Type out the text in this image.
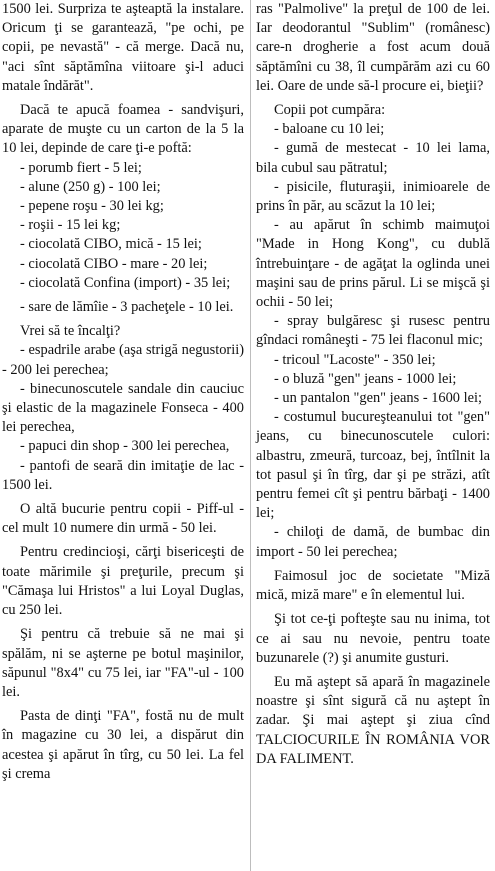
1500 lei. Surpriza te aşteaptă la instalare. Oricum ţi se garantează, "pe ochi, pe copii, pe nevastă" - că merge. Dacă nu, "aci sînt săptămîna viitoare şi-l aduci matale îndărăt".

Dacă te apucă foamea - sandvişuri, aparate de muşte cu un carton de la 5 la 10 lei, depinde de care ţi-e poftă:

- porumb fiert - 5 lei;

- alune (250 g) - 100 lei;

- pepene roşu - 30 lei kg;

- roşii - 15 lei kg;

- ciocolată CIBO, mică - 15 lei;

- ciocolată CIBO - mare - 20 lei;

- ciocolată Confina (import) - 35 lei;

- sare de lămîie - 3 pacheţele - 10 lei.

Vrei să te încalţi?

- espadrile arabe (aşa strigă negustorii) - 200 lei perechea;

- binecunoscutele sandale din cauciuc şi elastic de la magazinele Fonseca - 400 lei perechea,

- papuci din shop - 300 lei perechea,

- pantofi de seară din imitaţie de lac - 1500 lei.

O altă bucurie pentru copii - Piff-ul - cel mult 10 numere din urmă - 50 lei.

Pentru credincioşi, cărţi bisericeşti de toate mărimile şi preţurile, precum şi "Cămaşa lui Hristos" a lui Loyal Duglas, cu 250 lei.

Şi pentru că trebuie să ne mai şi spălăm, ni se aşterne pe botul maşinilor, săpunul "8x4" cu 75 lei, iar "FA"-ul - 100 lei.

Pasta de dinţi "FA", fostă nu de mult în magazine cu 30 lei, a dispărut din acestea şi apărut în tîrg, cu 50 lei. La fel şi crema

ras "Palmolive" la preţul de 100 de lei. Iar deodorantul "Sublim" (românesc) care-n drogherie a fost acum două săptămîni cu 38, îl cumpărăm azi cu 60 lei. Oare de unde să-l procure ei, bieţii?

Copii pot cumpăra:

- baloane cu 10 lei;

- gumă de mestecat - 10 lei lama, bila cubul sau pătratul;

- pisicile, fluturaşii, inimioarele de prins în păr, au scăzut la 10 lei;

- au apărut în schimb maimuţoi "Made in Hong Kong", cu dublă întrebuinţare - de agăţat la oglinda unei maşini sau de prins părul. Li se mişcă şi ochii - 50 lei;

- spray bulgăresc şi rusesc pentru gîndaci româneşti - 75 lei flaconul mic;

- tricoul "Lacoste" - 350 lei;

- o bluză "gen" jeans - 1000 lei;

- un pantalon "gen" jeans - 1600 lei;

- costumul bucureşteanului tot "gen" jeans, cu binecunoscutele culori: albastru, zmeură, turcoaz, bej, întîlnit la tot pasul şi în tîrg, dar şi pe străzi, atît pentru femei cît şi pentru bărbaţi - 1400 lei;

- chiloţi de damă, de bumbac din import - 50 lei perechea;

Faimosul joc de societate "Miză mică, miză mare" e în elementul lui.

Şi tot ce-ţi pofteşte sau nu inima, tot ce ai sau nu nevoie, pentru toate buzunarele (?) şi anumite gusturi.

Eu mă aştept să apară în magazinele noastre şi sînt sigură că nu aştept în zadar. Şi mai aştept şi ziua cînd TALCIOCURILE ÎN ROMÂNIA VOR DA FALIMENT.
